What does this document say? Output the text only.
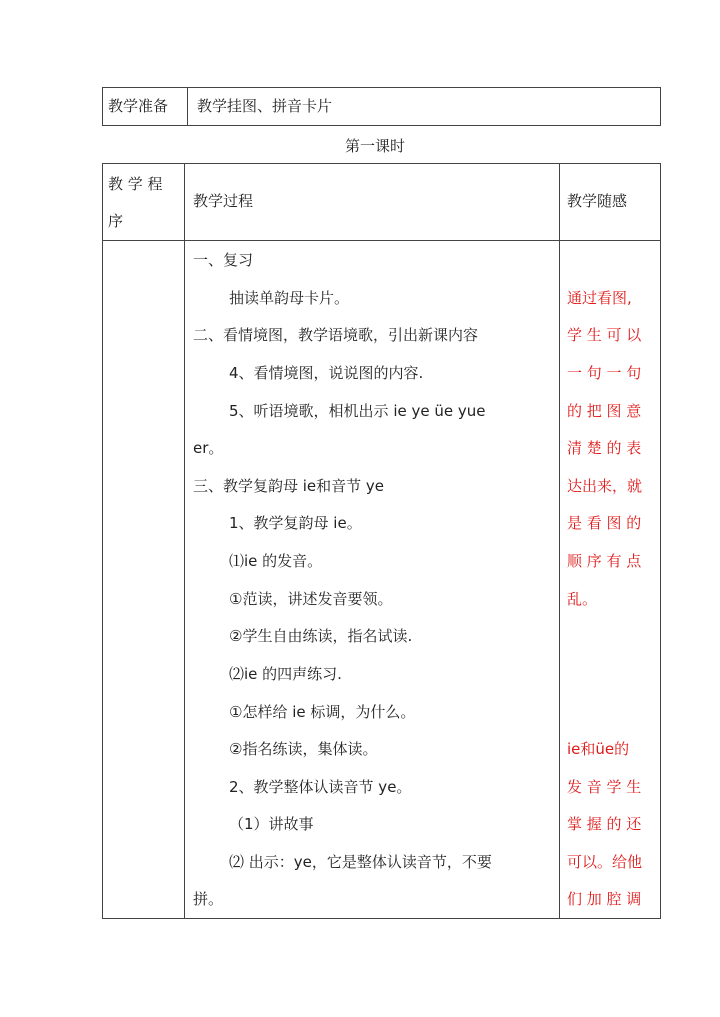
教学准备 教学挂图、拼音卡片
第一课时
教 学 程
序
教学过程	教学随感
一、复习
抽读单韵母卡片。
二、看情境图，教学语境歌，引出新课内容
4、看情境图，说说图的内容.
5、听语境歌，相机出示 ie ye üe yue
er。
三、教学复韵母 ie和音节 ye
1、教学复韵母 ie。
⑴ie 的发音。
①范读，讲述发音要领。
②学生自由练读，指名试读.
⑵ie 的四声练习.
①怎样给 ie 标调，为什么。
②指名练读，集体读。
2、教学整体认读音节 ye。
（1）讲故事
⑵ 出示：ye，它是整体认读音节，不要
拼。
通过看图,
学 生 可 以
一 句 一 句
的 把 图 意
清 楚 的 表
达出来，就
是 看 图 的
顺 序 有 点
乱。
ie和üe的
发 音 学 生
掌 握 的 还
可以。给他
们 加 腔 调
